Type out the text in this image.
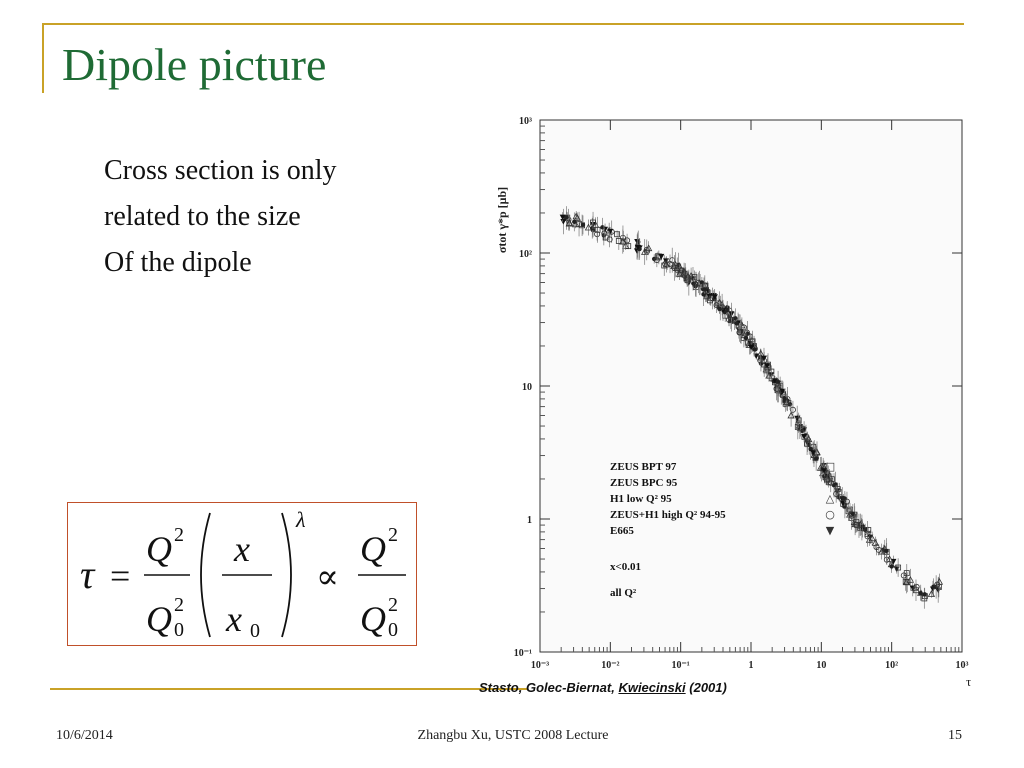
Dipole picture
Cross section is only
related to the size
Of the dipole
τ =
Q 2
Q 2
0
x
x 0
λ
∝
Q 2
Q 2
0
10⁻³	10⁻²	10⁻¹	1	10	10²	10³
10⁻¹
1
10
10²
10³
τ
σtot γ*p [μb]
ZEUS BPT 97	□
ZEUS BPC 95	☆
H1 low Q² 95	△
ZEUS+H1 high Q² 94-95	○
E665	▼
x<0.01
all Q²
Stasto, Golec-Biernat, Kwiecinski (2001)
10/6/2014	Zhangbu Xu, USTC 2008 Lecture	15
